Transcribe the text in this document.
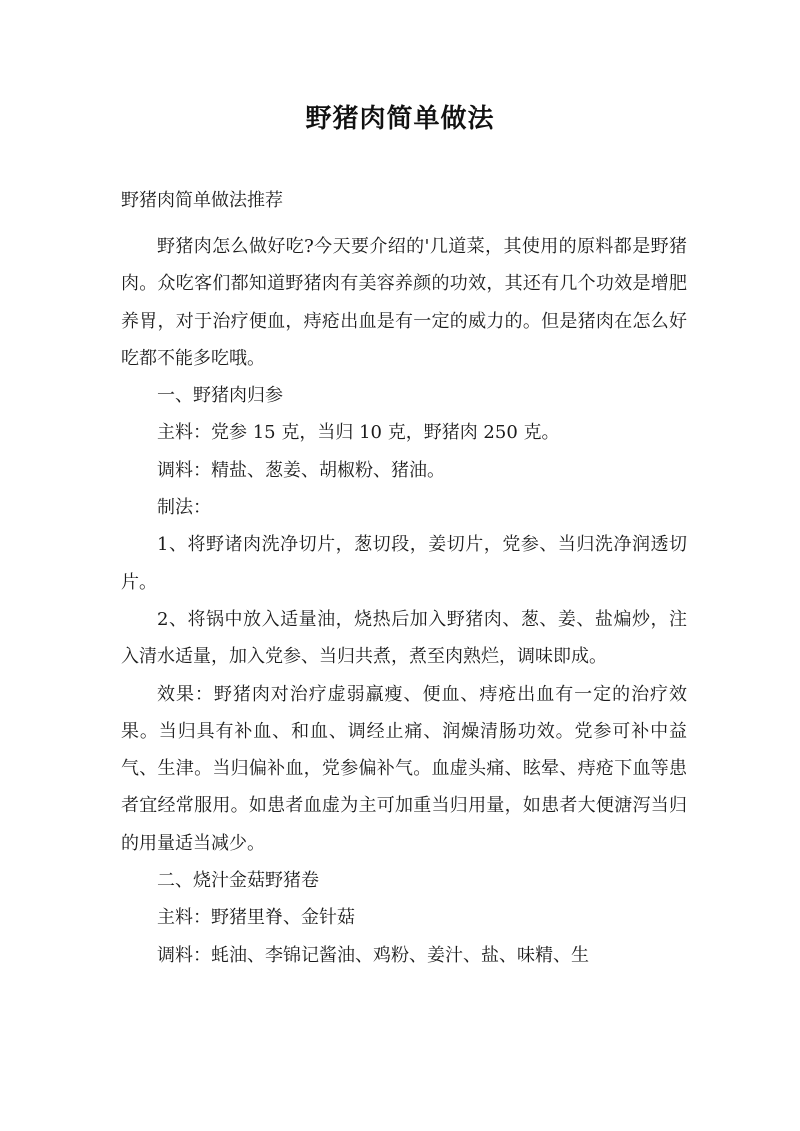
野猪肉简单做法

野猪肉简单做法推荐

野猪肉怎么做好吃?今天要介绍的'几道菜，其使用的原料都是野猪肉。众吃客们都知道野猪肉有美容养颜的功效，其还有几个功效是增肥养胃，对于治疗便血，痔疮出血是有一定的威力的。但是猪肉在怎么好吃都不能多吃哦。

一、野猪肉归参

主料：党参 15 克，当归 10 克，野猪肉 250 克。

调料：精盐、葱姜、胡椒粉、猪油。

制法：

1、将野诸肉洗净切片，葱切段，姜切片，党参、当归洗净润透切片。

2、将锅中放入适量油，烧热后加入野猪肉、葱、姜、盐煸炒，注入清水适量，加入党参、当归共煮，煮至肉熟烂，调味即成。

效果：野猪肉对治疗虚弱羸瘦、便血、痔疮出血有一定的治疗效果。当归具有补血、和血、调经止痛、润燥清肠功效。党参可补中益气、生津。当归偏补血，党参偏补气。血虚头痛、眩晕、痔疮下血等患者宜经常服用。如患者血虚为主可加重当归用量，如患者大便溏泻当归的用量适当减少。

二、烧汁金菇野猪卷

主料：野猪里脊、金针菇

调料：蚝油、李锦记酱油、鸡粉、姜汁、盐、味精、生
